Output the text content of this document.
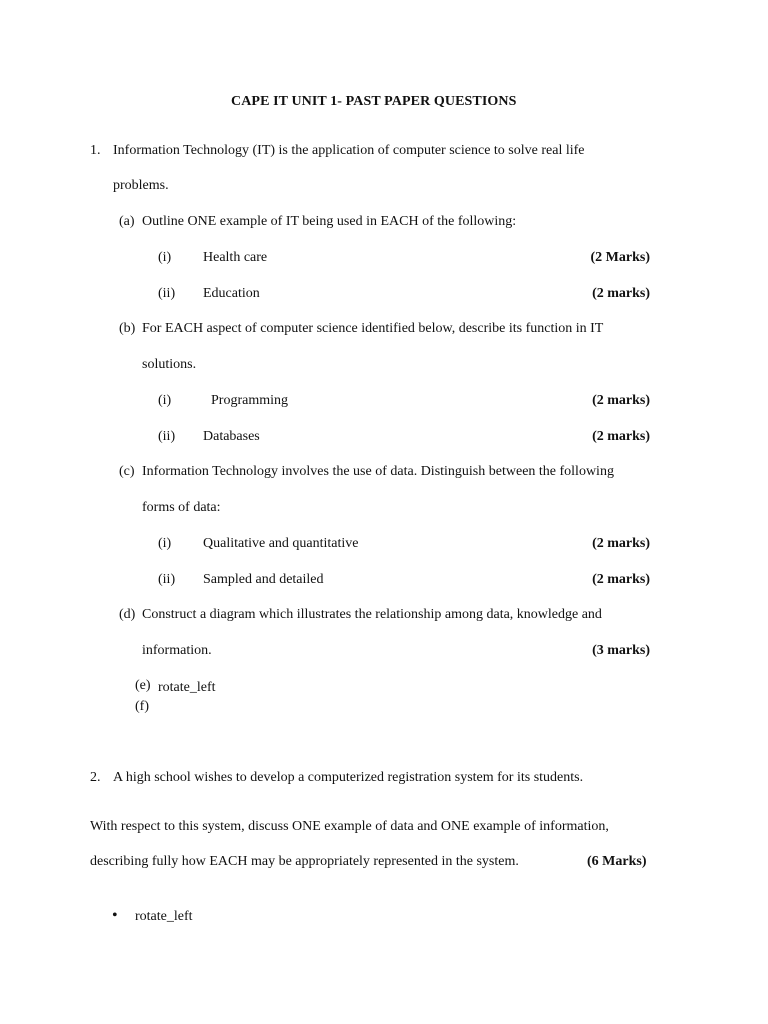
CAPE IT UNIT 1- PAST PAPER QUESTIONS
1. Information Technology (IT) is the application of computer science to solve real life
problems.
(a) Outline ONE example of IT being used in EACH of the following:
(i) Health care	(2 Marks)
(ii) Education	(2 marks)
(b) For EACH aspect of computer science identified below, describe its function in IT
solutions.
(i)	Programming	(2 marks)
(ii) Databases	(2 marks)
(c) Information Technology involves the use of data. Distinguish between the following
forms of data:
(i) Qualitative and quantitative	(2 marks)
(ii) Sampled and detailed	(2 marks)
(d) Construct a diagram which illustrates the relationship among data, knowledge and
information.	(3 marks)
(e) rotate_left
(f)
2. A high school wishes to develop a computerized registration system for its students.
With respect to this system, discuss ONE example of data and ONE example of information,
describing fully how EACH may be appropriately represented in the system.	(6 Marks)
• rotate_left
